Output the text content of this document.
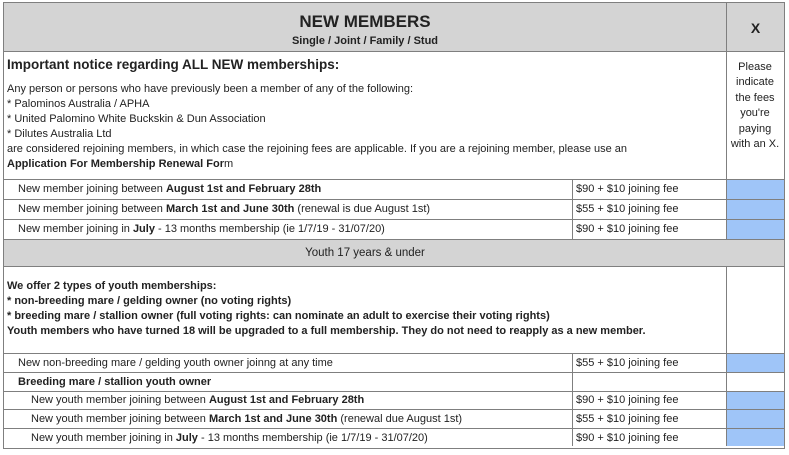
NEW MEMBERS
Single / Joint / Family / Stud
X
Please indicate the fees you're paying with an X.
Important notice regarding ALL NEW memberships:
Any person or persons who have previously been a member of any of the following:
* Palominos Australia / APHA
* United Palomino White Buckskin & Dun Association
* Dilutes Australia Ltd
are considered rejoining members, in which case the rejoining fees are applicable. If you are a rejoining member, please use an
Application For Membership Renewal Form
New member joining between August 1st and February 28th	$90 + $10 joining fee
New member joining between March 1st and June 30th (renewal is due August 1st)	$55 + $10 joining fee
New member joining in July - 13 months membership (ie 1/7/19 - 31/07/20)	$90 + $10 joining fee
Youth 17 years & under
We offer 2 types of youth memberships:
* non-breeding mare / gelding owner (no voting rights)
* breeding mare / stallion owner (full voting rights: can nominate an adult to exercise their voting rights)
Youth members who have turned 18 will be upgraded to a full membership. They do not need to reapply as a new member.
New non-breeding mare / gelding youth owner joinng at any time	$55 + $10 joining fee
Breeding mare / stallion youth owner
New youth member joining between August 1st and February 28th	$90 + $10 joining fee
New youth member joining between March 1st and June 30th (renewal due August 1st)	$55 + $10 joining fee
New youth member joining in July - 13 months membership (ie 1/7/19 - 31/07/20)	$90 + $10 joining fee
